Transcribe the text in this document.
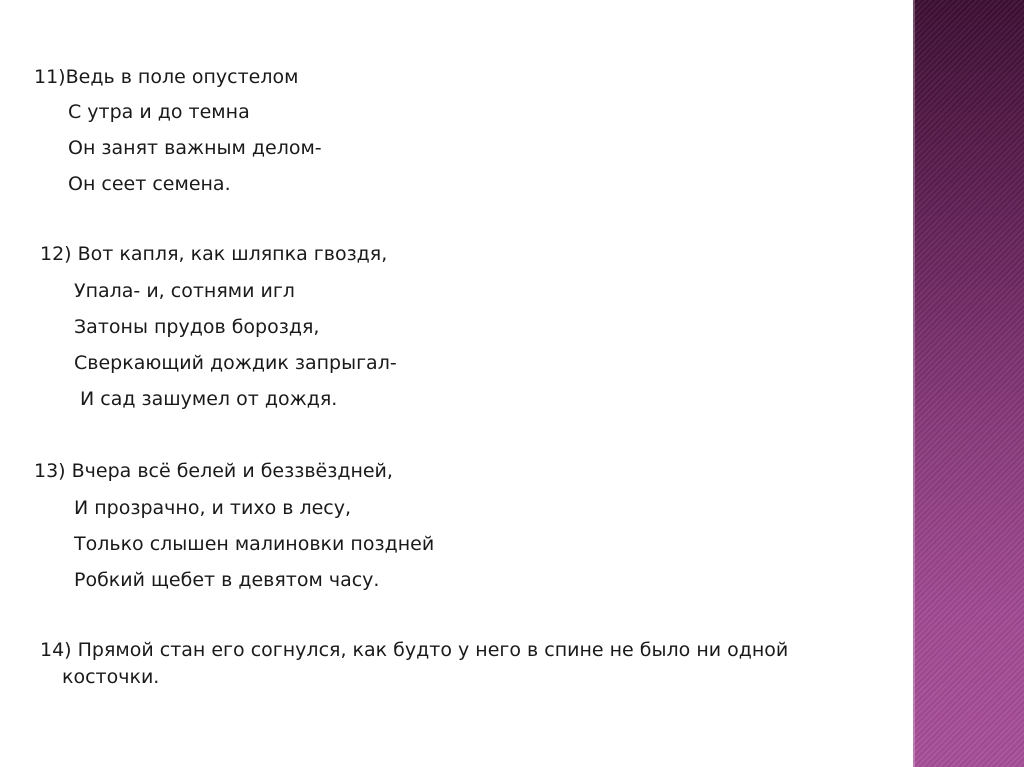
11)Ведь в поле опустелом
С утра и до темна
Он занят важным делом-
Он сеет семена.
12) Вот капля, как шляпка гвоздя,
Упала- и, сотнями игл
Затоны прудов бороздя,
Сверкающий дождик запрыгал-
И сад зашумел от дождя.
13) Вчера всё белей и беззвёздней,
И прозрачно, и тихо в лесу,
Только слышен малиновки поздней
Робкий щебет в девятом часу.
14) Прямой стан его согнулся, как будто у него в спине не было ни одной
косточки.
